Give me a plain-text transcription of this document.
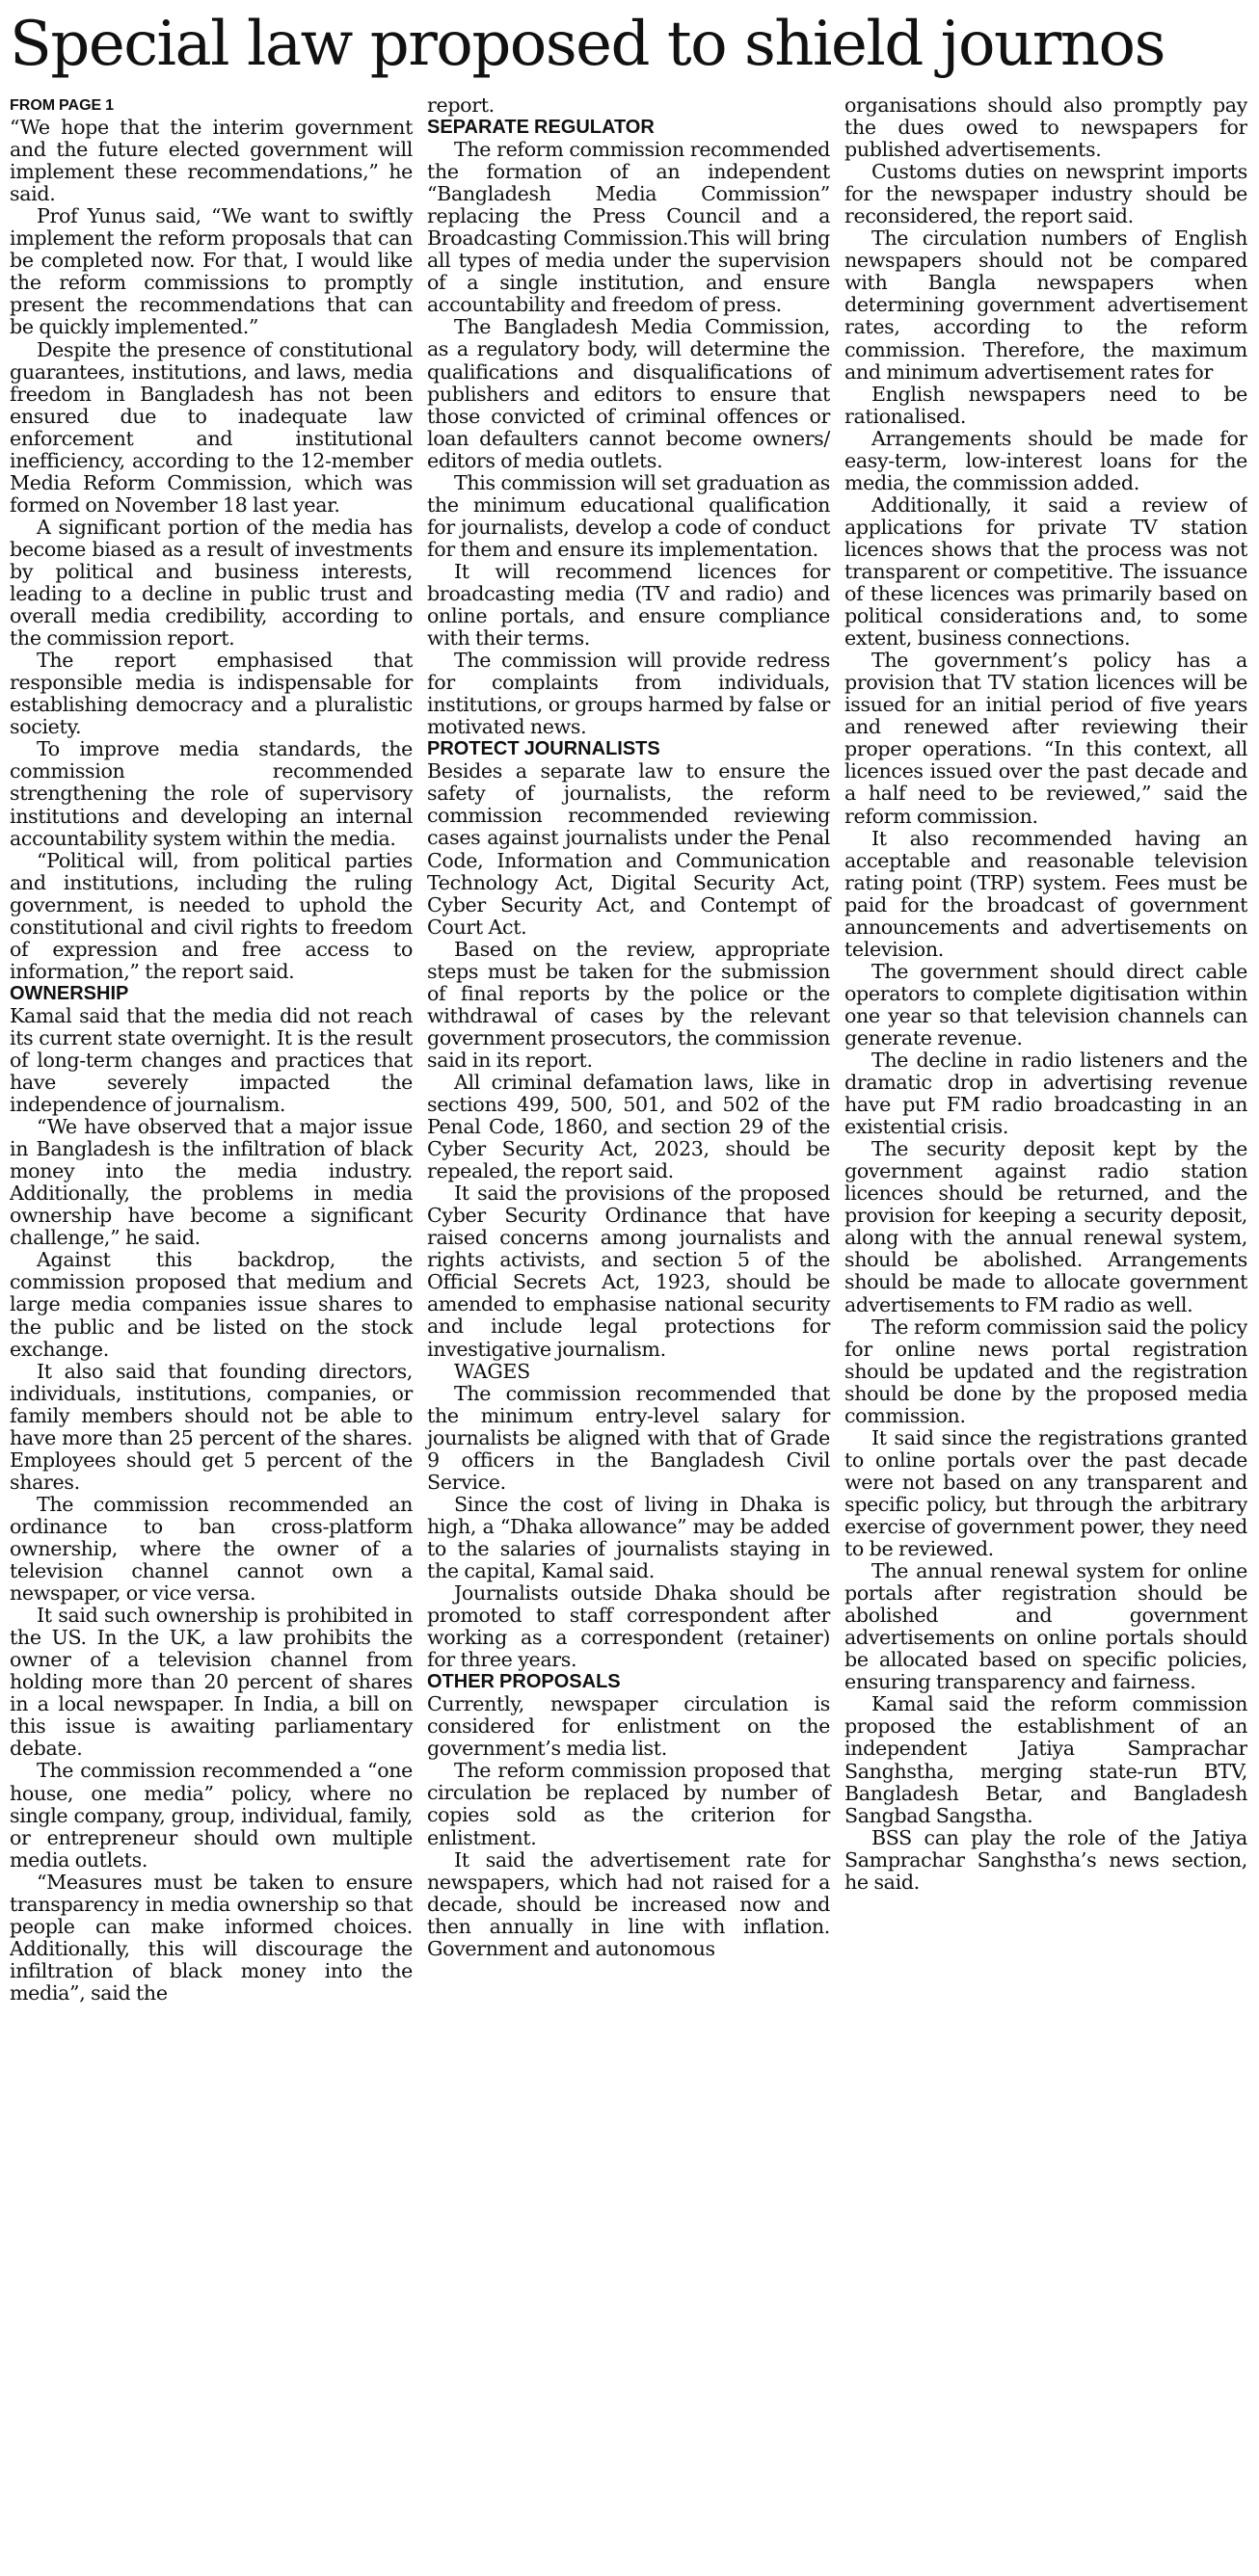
Special law proposed to shield journos

FROM PAGE 1

“We hope that the interim government and the future elected government will implement these recommendations,” he said.

Prof Yunus said, “We want to swiftly implement the reform proposals that can be completed now. For that, I would like the reform commissions to promptly present the recommendations that can be quickly implemented.”

Despite the presence of constitutional guarantees, institutions, and laws, media freedom in Bangladesh has not been ensured due to inadequate law enforcement and institutional inefficiency, according to the 12-member Media Reform Commission, which was formed on November 18 last year.

A significant portion of the media has become biased as a result of investments by political and business interests, leading to a decline in public trust and overall media credibility, according to the commission report.

The report emphasised that responsible media is indispensable for establishing democracy and a pluralistic society.

To improve media standards, the commission recommended strengthening the role of supervisory institutions and developing an internal accountability system within the media.

“Political will, from political parties and institutions, including the ruling government, is needed to uphold the constitutional and civil rights to freedom of expression and free access to information,” the report said.

OWNERSHIP

Kamal said that the media did not reach its current state overnight. It is the result of long-term changes and practices that have severely impacted the independence of journalism.

“We have observed that a major issue in Bangladesh is the infiltration of black money into the media industry. Additionally, the problems in media ownership have become a significant challenge,” he said.

Against this backdrop, the commission proposed that medium and large media companies issue shares to the public and be listed on the stock exchange.

It also said that founding directors, individuals, institutions, companies, or family members should not be able to have more than 25 percent of the shares. Employees should get 5 percent of the shares.

The commission recommended an ordinance to ban cross-platform ownership, where the owner of a television channel cannot own a newspaper, or vice versa.

It said such ownership is prohibited in the US. In the UK, a law prohibits the owner of a television channel from holding more than 20 percent of shares in a local newspaper. In India, a bill on this issue is awaiting parliamentary debate.

The commission recommended a “one house, one media” policy, where no single company, group, individual, family, or entrepreneur should own multiple media outlets.

“Measures must be taken to ensure transparency in media ownership so that people can make informed choices. Additionally, this will discourage the infiltration of black money into the media”, said the

report.

SEPARATE REGULATOR

The reform commission recommended the formation of an independent “Bangladesh Media Commission” replacing the Press Council and a Broadcasting Commission.This will bring all types of media under the supervision of a single institution, and ensure accountability and freedom of press.

The Bangladesh Media Commission, as a regulatory body, will determine the qualifications and disqualifications of publishers and editors to ensure that those convicted of criminal offences or loan defaulters cannot become owners/ editors of media outlets.

This commission will set graduation as the minimum educational qualification for journalists, develop a code of conduct for them and ensure its implementation.

It will recommend licences for broadcasting media (TV and radio) and online portals, and ensure compliance with their terms.

The commission will provide redress for complaints from individuals, institutions, or groups harmed by false or motivated news.

PROTECT JOURNALISTS

Besides a separate law to ensure the safety of journalists, the reform commission recommended reviewing cases against journalists under the Penal Code, Information and Communication Technology Act, Digital Security Act, Cyber Security Act, and Contempt of Court Act.

Based on the review, appropriate steps must be taken for the submission of final reports by the police or the withdrawal of cases by the relevant government prosecutors, the commission said in its report.

All criminal defamation laws, like in sections 499, 500, 501, and 502 of the Penal Code, 1860, and section 29 of the Cyber Security Act, 2023, should be repealed, the report said.

It said the provisions of the proposed Cyber Security Ordinance that have raised concerns among journalists and rights activists, and section 5 of the Official Secrets Act, 1923, should be amended to emphasise national security and include legal protections for investigative journalism.

WAGES

The commission recommended that the minimum entry-level salary for journalists be aligned with that of Grade 9 officers in the Bangladesh Civil Service.

Since the cost of living in Dhaka is high, a “Dhaka allowance” may be added to the salaries of journalists staying in the capital, Kamal said.

Journalists outside Dhaka should be promoted to staff correspondent after working as a correspondent (retainer) for three years.

OTHER PROPOSALS

Currently, newspaper circulation is considered for enlistment on the government’s media list.

The reform commission proposed that circulation be replaced by number of copies sold as the criterion for enlistment.

It said the advertisement rate for newspapers, which had not raised for a decade, should be increased now and then annually in line with inflation. Government and autonomous

organisations should also promptly pay the dues owed to newspapers for published advertisements.

Customs duties on newsprint imports for the newspaper industry should be reconsidered, the report said.

The circulation numbers of English newspapers should not be compared with Bangla newspapers when determining government advertisement rates, according to the reform commission. Therefore, the maximum and minimum advertisement rates for

English newspapers need to be rationalised.

Arrangements should be made for easy-term, low-interest loans for the media, the commission added.

Additionally, it said a review of applications for private TV station licences shows that the process was not transparent or competitive. The issuance of these licences was primarily based on political considerations and, to some extent, business connections.

The government’s policy has a provision that TV station licences will be issued for an initial period of five years and renewed after reviewing their proper operations. “In this context, all licences issued over the past decade and a half need to be reviewed,” said the reform commission.

It also recommended having an acceptable and reasonable television rating point (TRP) system. Fees must be paid for the broadcast of government announcements and advertisements on television.

The government should direct cable operators to complete digitisation within one year so that television channels can generate revenue.

The decline in radio listeners and the dramatic drop in advertising revenue have put FM radio broadcasting in an existential crisis.

The security deposit kept by the government against radio station licences should be returned, and the provision for keeping a security deposit, along with the annual renewal system, should be abolished. Arrangements should be made to allocate government advertisements to FM radio as well.

The reform commission said the policy for online news portal registration should be updated and the registration should be done by the proposed media commission.

It said since the registrations granted to online portals over the past decade were not based on any transparent and specific policy, but through the arbitrary exercise of government power, they need to be reviewed.

The annual renewal system for online portals after registration should be abolished and government advertisements on online portals should be allocated based on specific policies, ensuring transparency and fairness.

Kamal said the reform commission proposed the establishment of an independent Jatiya Samprachar Sanghstha, merging state-run BTV, Bangladesh Betar, and Bangladesh Sangbad Sangstha.

BSS can play the role of the Jatiya Samprachar Sanghstha’s news section, he said.
